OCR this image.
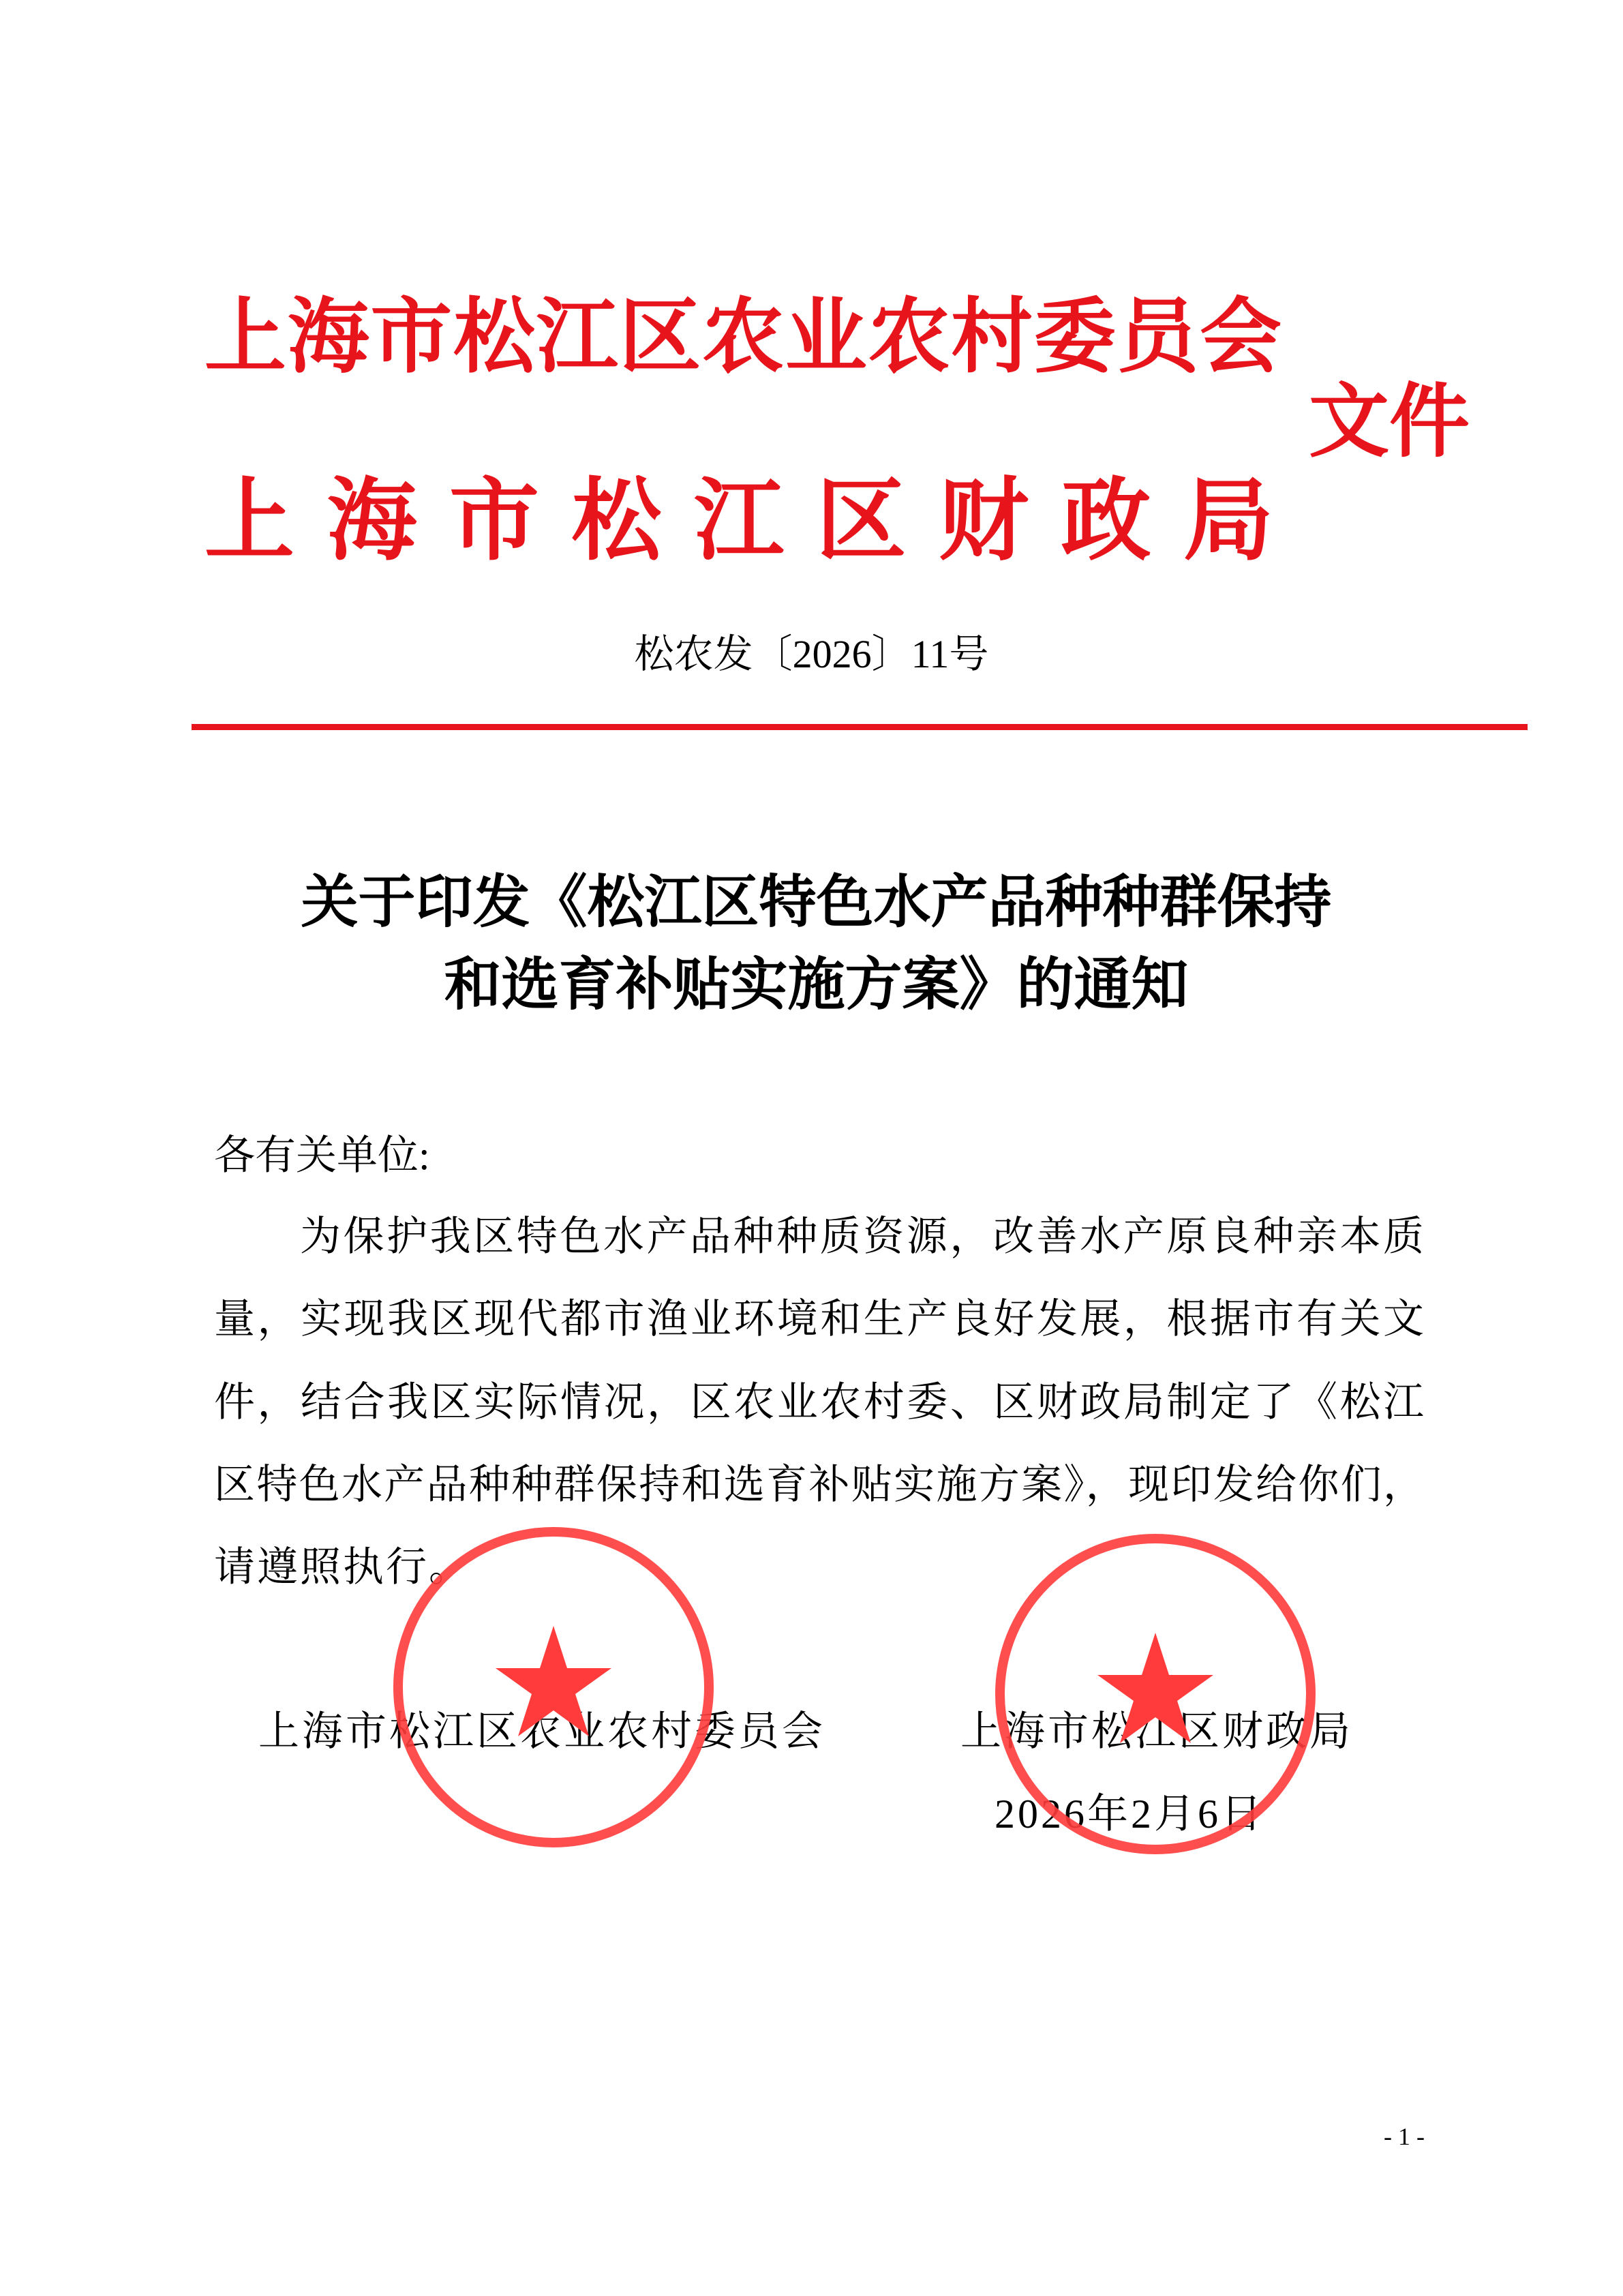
上海市松江区农业农村委员会
上海市松江区财政局
文件
松农发〔2026〕11号
关于印发《松江区特色水产品种种群保持
和选育补贴实施方案》的通知
各有关单位:
为保护我区特色水产品种种质资源，改善水产原良种亲本质
量，实现我区现代都市渔业环境和生产良好发展，根据市有关文
件，结合我区实际情况，区农业农村委、区财政局制定了《松江
区特色水产品种种群保持和选育补贴实施方案》，现印发给你们，
请遵照执行。
上海市松江区农业农村委员会	上海市松江区财政局
2026年2月6日
- 1 -
